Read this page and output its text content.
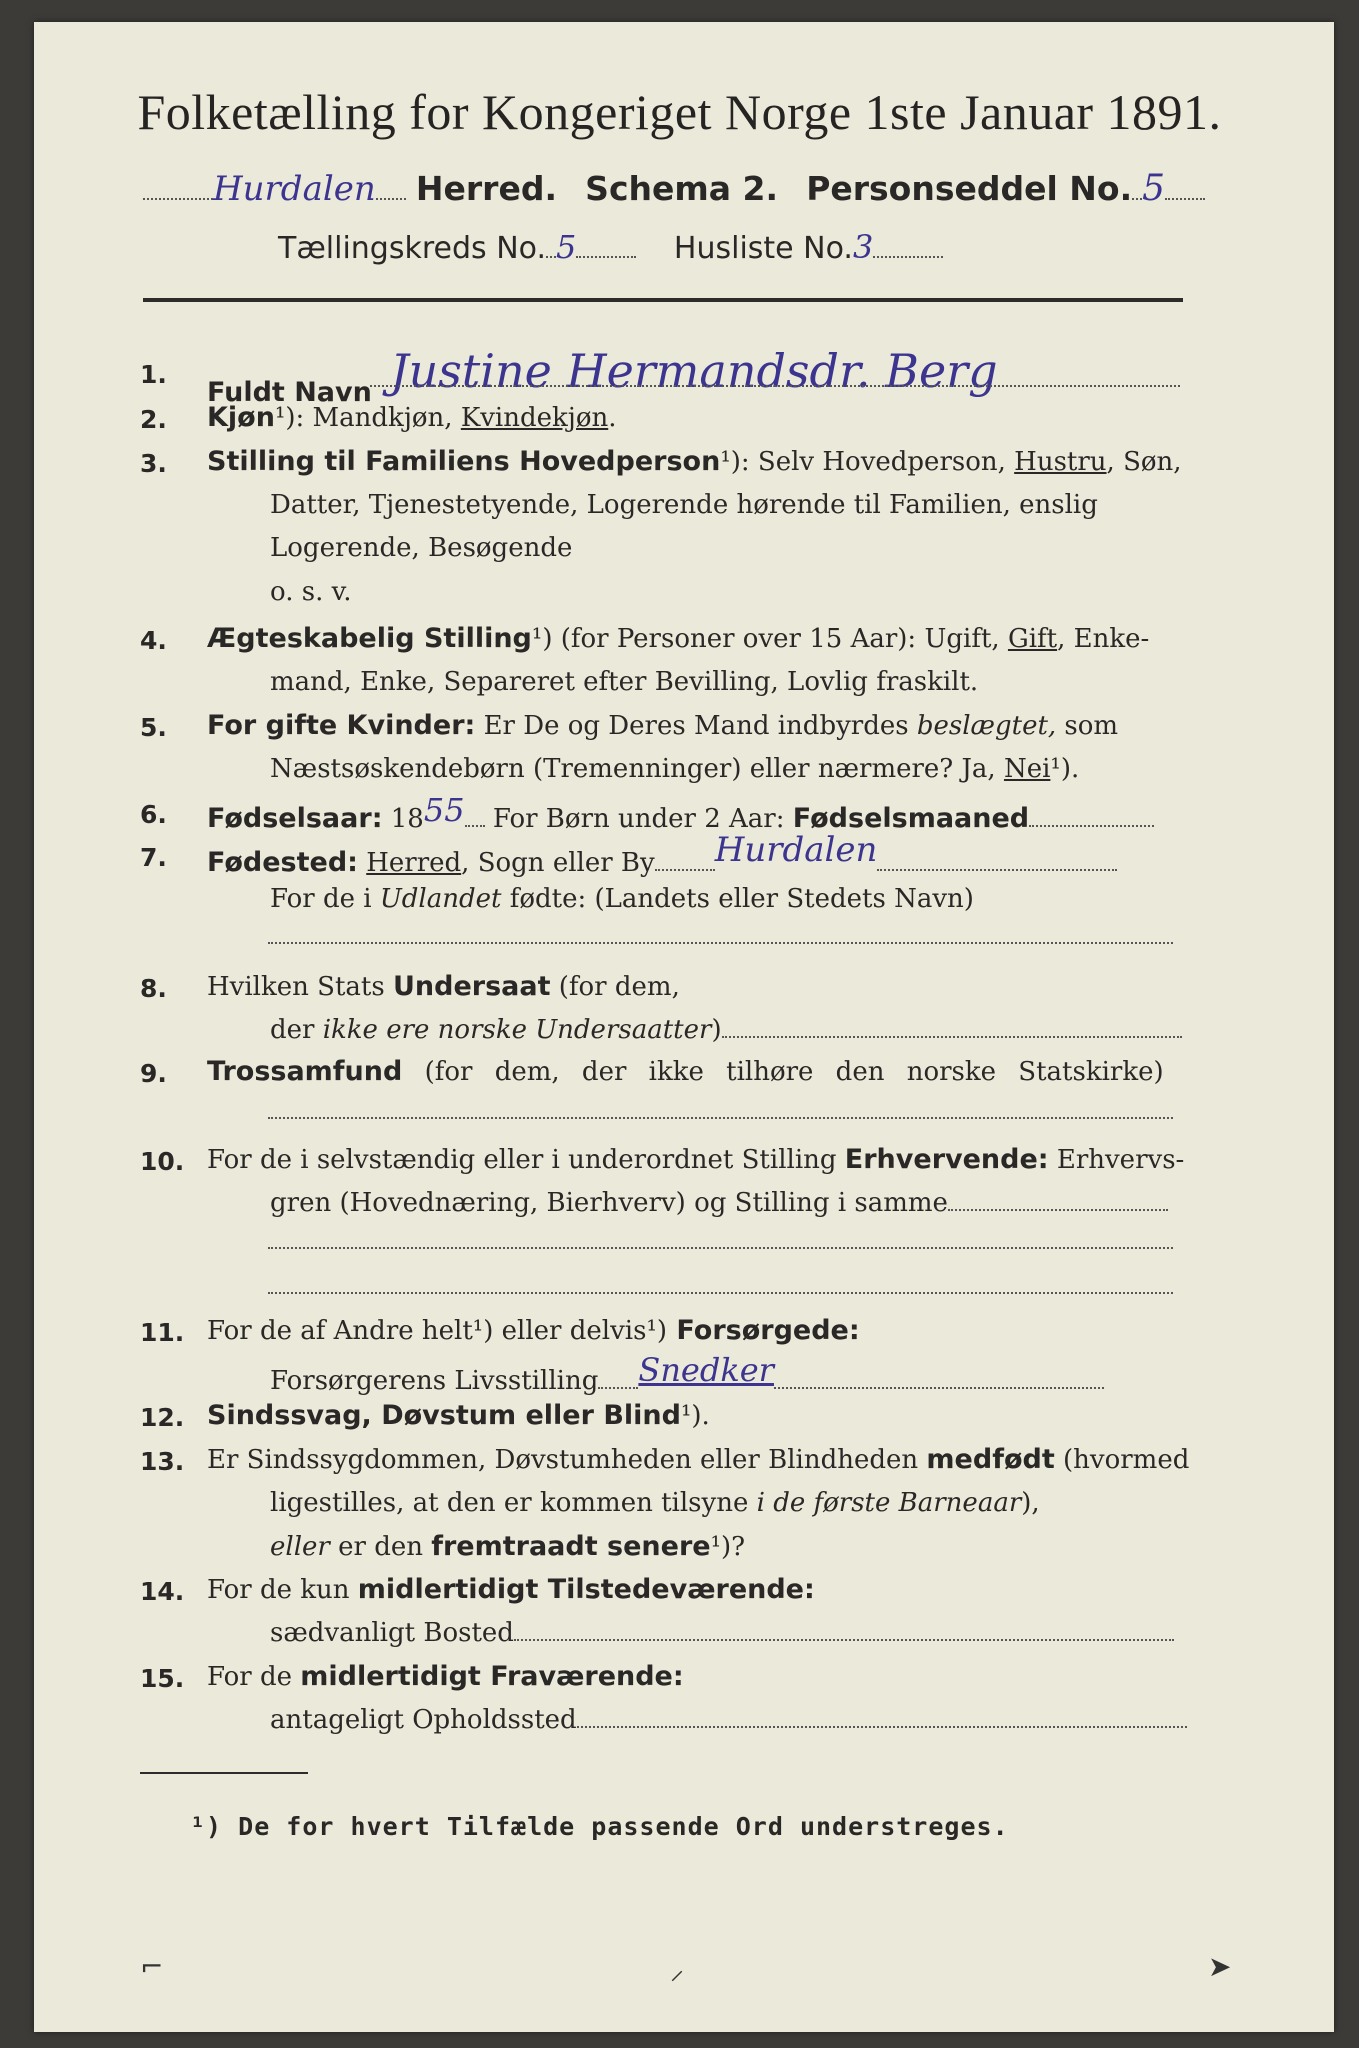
Folketælling for Kongeriget Norge 1ste Januar 1891.
Hurdalen Herred. Schema 2. Personseddel No. 5
Tællingskreds No. 5	Husliste No.3
1.
Fuldt Navn Justine Hermandsdr. Berg
2. Kjøn¹): Mandkjøn, Kvindekjøn.
3. Stilling til Familiens Hovedperson¹): Selv Hovedperson, Hustru, Søn,
Datter, Tjenestetyende, Logerende hørende til Familien, enslig
Logerende, Besøgende
o. s. v.
4. Ægteskabelig Stilling¹) (for Personer over 15 Aar): Ugift, Gift, Enke-
mand, Enke, Separeret efter Bevilling, Lovlig fraskilt.
5. For gifte Kvinder: Er De og Deres Mand indbyrdes beslægtet, som
Næstsøskendebørn (Tremenninger) eller nærmere? Ja, Nei¹).
6. Fødselsaar: 1855 For Børn under 2 Aar: Fødselsmaaned
7. Fødested: Herred, Sogn eller By Hurdalen
For de i Udlandet fødte: (Landets eller Stedets Navn)
8. Hvilken Stats Undersaat (for dem,
der ikke ere norske Undersaatter)
9. Trossamfund (for dem, der ikke tilhøre den norske Statskirke)
10. For de i selvstændig eller i underordnet Stilling Erhvervende: Erhvervs-
gren (Hovednæring, Bierhverv) og Stilling i samme
11. For de af Andre helt¹) eller delvis¹) Forsørgede:
Forsørgerens Livsstilling Snedker
12. Sindssvag, Døvstum eller Blind¹).
13. Er Sindssygdommen, Døvstumheden eller Blindheden medfødt (hvormed
ligestilles, at den er kommen tilsyne i de første Barneaar),
eller er den fremtraadt senere¹)?
14. For de kun midlertidigt Tilstedeværende:
sædvanligt Bosted
15. For de midlertidigt Fraværende:
antageligt Opholdssted
¹) De for hvert Tilfælde passende Ord understreges.
⌐	⸝	➤
